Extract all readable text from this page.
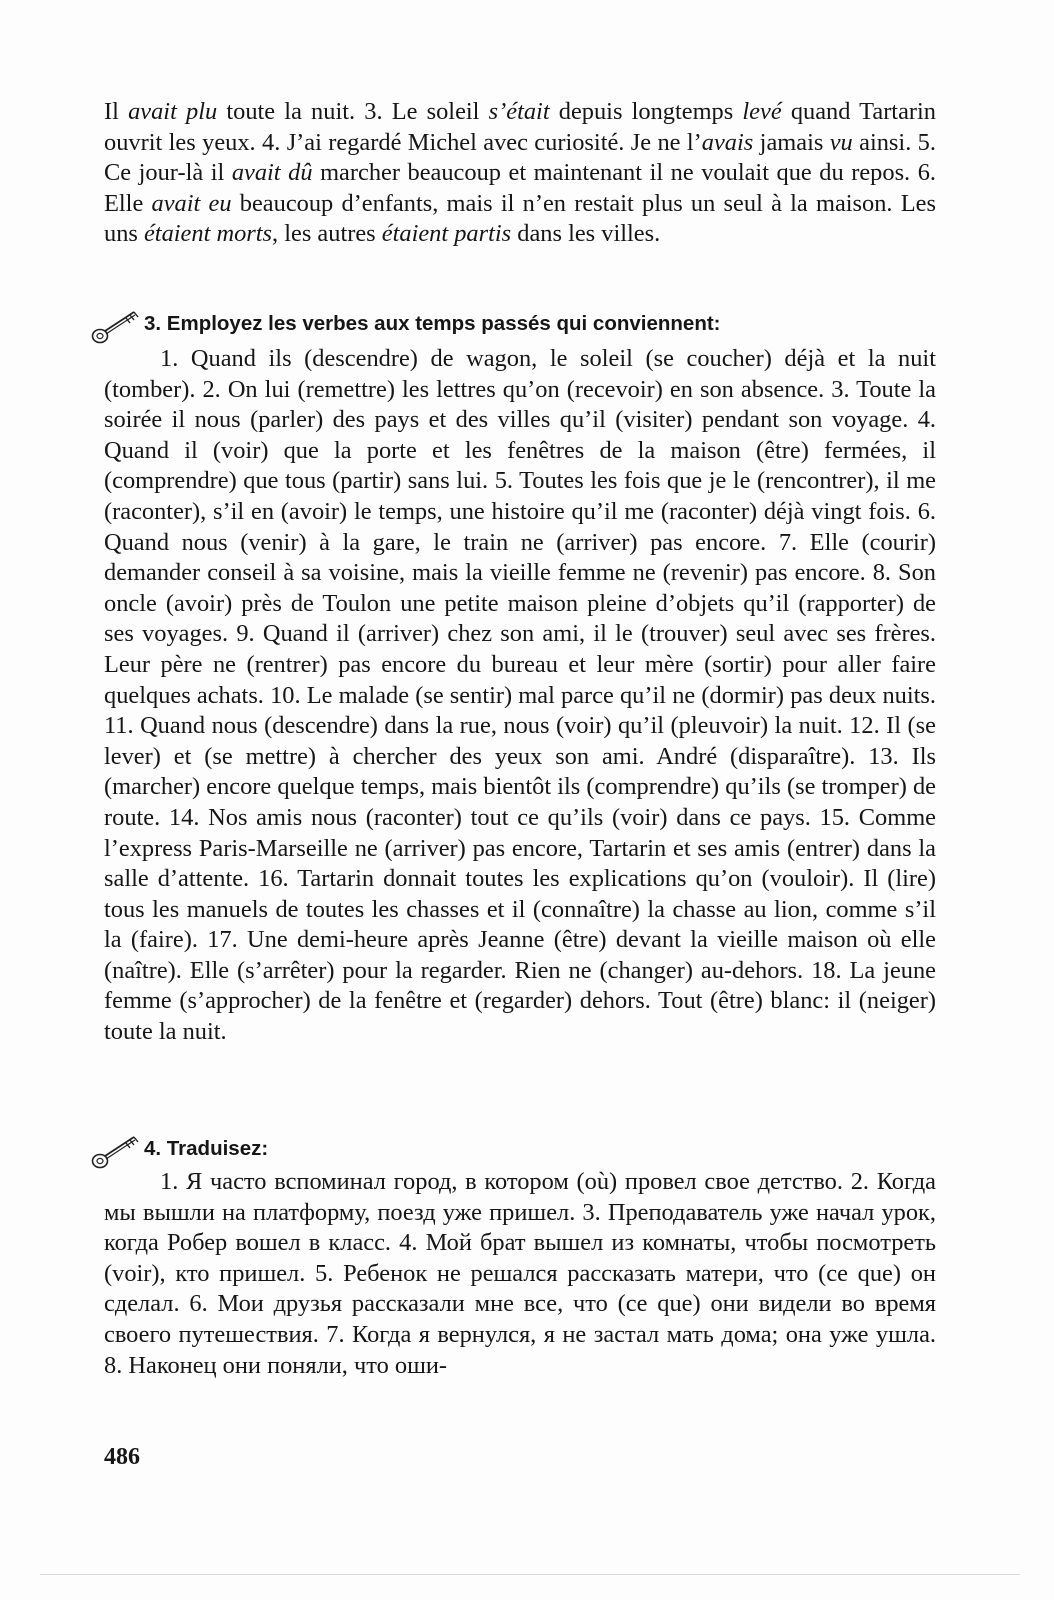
Il avait plu toute la nuit. 3. Le soleil s’était depuis longtemps levé quand Tartarin ouvrit les yeux. 4. J’ai regardé Michel avec curiosité. Je ne l’avais jamais vu ainsi. 5. Ce jour-là il avait dû marcher beaucoup et maintenant il ne voulait que du repos. 6. Elle avait eu beaucoup d’enfants, mais il n’en restait plus un seul à la maison. Les uns étaient morts, les autres étaient partis dans les villes.

3. Employez les verbes aux temps passés qui conviennent:

1. Quand ils (descendre) de wagon, le soleil (se coucher) déjà et la nuit (tomber). 2. On lui (remettre) les lettres qu’on (recevoir) en son absence. 3. Toute la soirée il nous (parler) des pays et des villes qu’il (visiter) pendant son voyage. 4. Quand il (voir) que la porte et les fenêtres de la maison (être) fermées, il (comprendre) que tous (partir) sans lui. 5. Toutes les fois que je le (rencontrer), il me (raconter), s’il en (avoir) le temps, une histoire qu’il me (raconter) déjà vingt fois. 6. Quand nous (venir) à la gare, le train ne (arriver) pas encore. 7. Elle (courir) demander conseil à sa voisine, mais la vieille femme ne (revenir) pas encore. 8. Son oncle (avoir) près de Toulon une petite maison pleine d’objets qu’il (rapporter) de ses voyages. 9. Quand il (arriver) chez son ami, il le (trouver) seul avec ses frères. Leur père ne (rentrer) pas encore du bureau et leur mère (sortir) pour aller faire quelques achats. 10. Le malade (se sentir) mal parce qu’il ne (dormir) pas deux nuits. 11. Quand nous (descendre) dans la rue, nous (voir) qu’il (pleuvoir) la nuit. 12. Il (se lever) et (se mettre) à chercher des yeux son ami. André (disparaître). 13. Ils (marcher) encore quelque temps, mais bientôt ils (comprendre) qu’ils (se tromper) de route. 14. Nos amis nous (raconter) tout ce qu’ils (voir) dans ce pays. 15. Comme l’express Paris-Marseille ne (arriver) pas encore, Tartarin et ses amis (entrer) dans la salle d’attente. 16. Tartarin donnait toutes les explications qu’on (vouloir). Il (lire) tous les manuels de toutes les chasses et il (connaître) la chasse au lion, comme s’il la (faire). 17. Une demi-heure après Jeanne (être) devant la vieille maison où elle (naître). Elle (s’arrêter) pour la regarder. Rien ne (changer) au-dehors. 18. La jeune femme (s’approcher) de la fenêtre et (regarder) dehors. Tout (être) blanc: il (neiger) toute la nuit.

4. Traduisez:

1. Я часто вспоминал город, в котором (où) провел свое детство. 2. Когда мы вышли на платформу, поезд уже пришел. 3. Преподаватель уже начал урок, когда Робер вошел в класс. 4. Мой брат вышел из комнаты, чтобы посмотреть (voir), кто пришел. 5. Ребенок не решался рассказать матери, что (ce que) он сделал. 6. Мои друзья рассказали мне все, что (ce que) они видели во время своего путешествия. 7. Когда я вернулся, я не застал мать дома; она уже ушла. 8. Наконец они поняли, что оши-

486
